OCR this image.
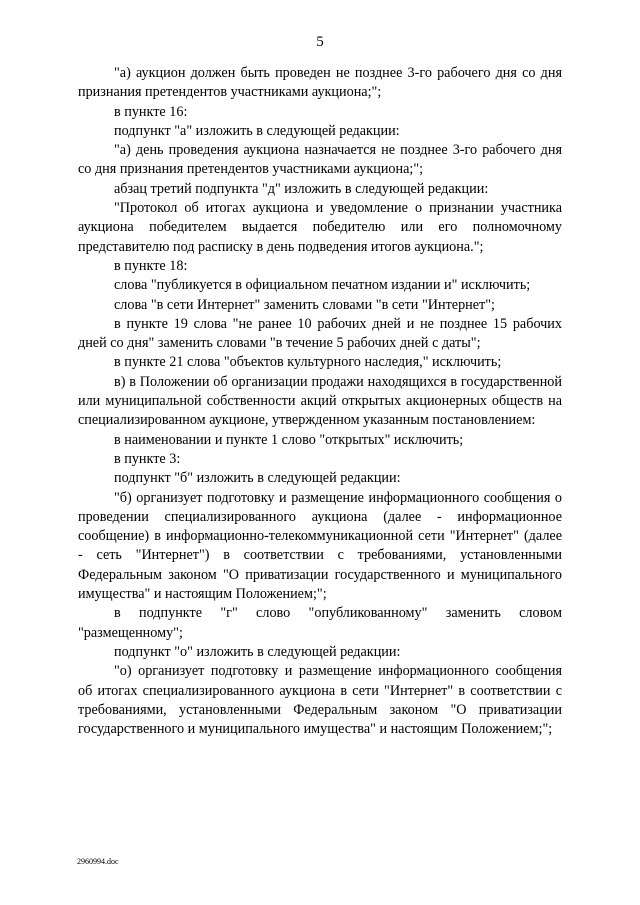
5

"а) аукцион должен быть проведен не позднее 3-го рабочего дня со дня признания претендентов участниками аукциона;";

в пункте 16:

подпункт "а" изложить в следующей редакции:

"а) день проведения аукциона назначается не позднее 3-го рабочего дня со дня признания претендентов участниками аукциона;";

абзац третий подпункта "д" изложить в следующей редакции:

"Протокол об итогах аукциона и уведомление о признании участника аукциона победителем выдается победителю или его полномочному представителю под расписку в день подведения итогов аукциона.";

в пункте 18:

слова "публикуется в официальном печатном издании и" исключить;

слова "в сети Интернет" заменить словами "в сети "Интернет";

в пункте 19 слова "не ранее 10 рабочих дней и не позднее 15 рабочих дней со дня" заменить словами "в течение 5 рабочих дней с даты";

в пункте 21 слова "объектов культурного наследия," исключить;

в) в Положении об организации продажи находящихся в государственной или муниципальной собственности акций открытых акционерных обществ на специализированном аукционе, утвержденном указанным постановлением:

в наименовании и пункте 1 слово "открытых" исключить;

в пункте 3:

подпункт "б" изложить в следующей редакции:

"б) организует подготовку и размещение информационного сообщения о проведении специализированного аукциона (далее - информационное сообщение) в информационно-телекоммуникационной сети "Интернет" (далее - сеть "Интернет") в соответствии с требованиями, установленными Федеральным законом "О приватизации государственного и муниципального имущества" и настоящим Положением;";

в подпункте "г" слово "опубликованному" заменить словом "размещенному";

подпункт "о" изложить в следующей редакции:

"о) организует подготовку и размещение информационного сообщения об итогах специализированного аукциона в сети "Интернет" в соответствии с требованиями, установленными Федеральным законом "О приватизации государственного и муниципального имущества" и настоящим Положением;";

2960994.doc
